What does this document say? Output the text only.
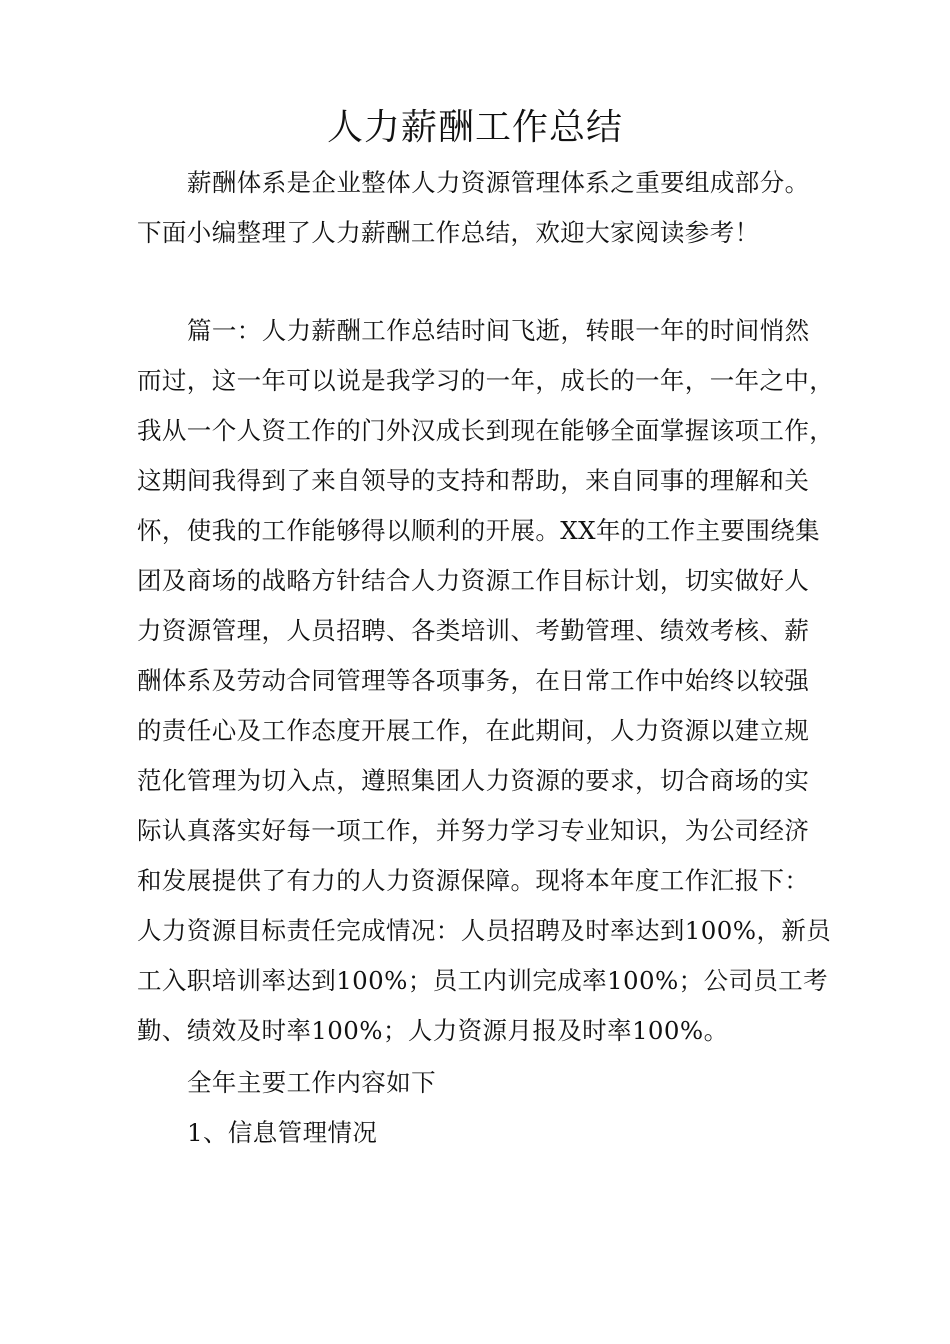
人力薪酬工作总结
薪酬体系是企业整体人力资源管理体系之重要组成部分。
下面小编整理了人力薪酬工作总结，欢迎大家阅读参考！
篇一：人力薪酬工作总结时间飞逝，转眼一年的时间悄然
而过，这一年可以说是我学习的一年，成长的一年，一年之中，
我从一个人资工作的门外汉成长到现在能够全面掌握该项工作，
这期间我得到了来自领导的支持和帮助，来自同事的理解和关
怀，使我的工作能够得以顺利的开展。XX年的工作主要围绕集
团及商场的战略方针结合人力资源工作目标计划，切实做好人
力资源管理，人员招聘、各类培训、考勤管理、绩效考核、薪
酬体系及劳动合同管理等各项事务，在日常工作中始终以较强
的责任心及工作态度开展工作，在此期间，人力资源以建立规
范化管理为切入点，遵照集团人力资源的要求，切合商场的实
际认真落实好每一项工作，并努力学习专业知识，为公司经济
和发展提供了有力的人力资源保障。现将本年度工作汇报下：
人力资源目标责任完成情况：人员招聘及时率达到100%，新员
工入职培训率达到100%；员工内训完成率100%；公司员工考
勤、绩效及时率100%；人力资源月报及时率100%。

全年主要工作内容如下

1、信息管理情况
